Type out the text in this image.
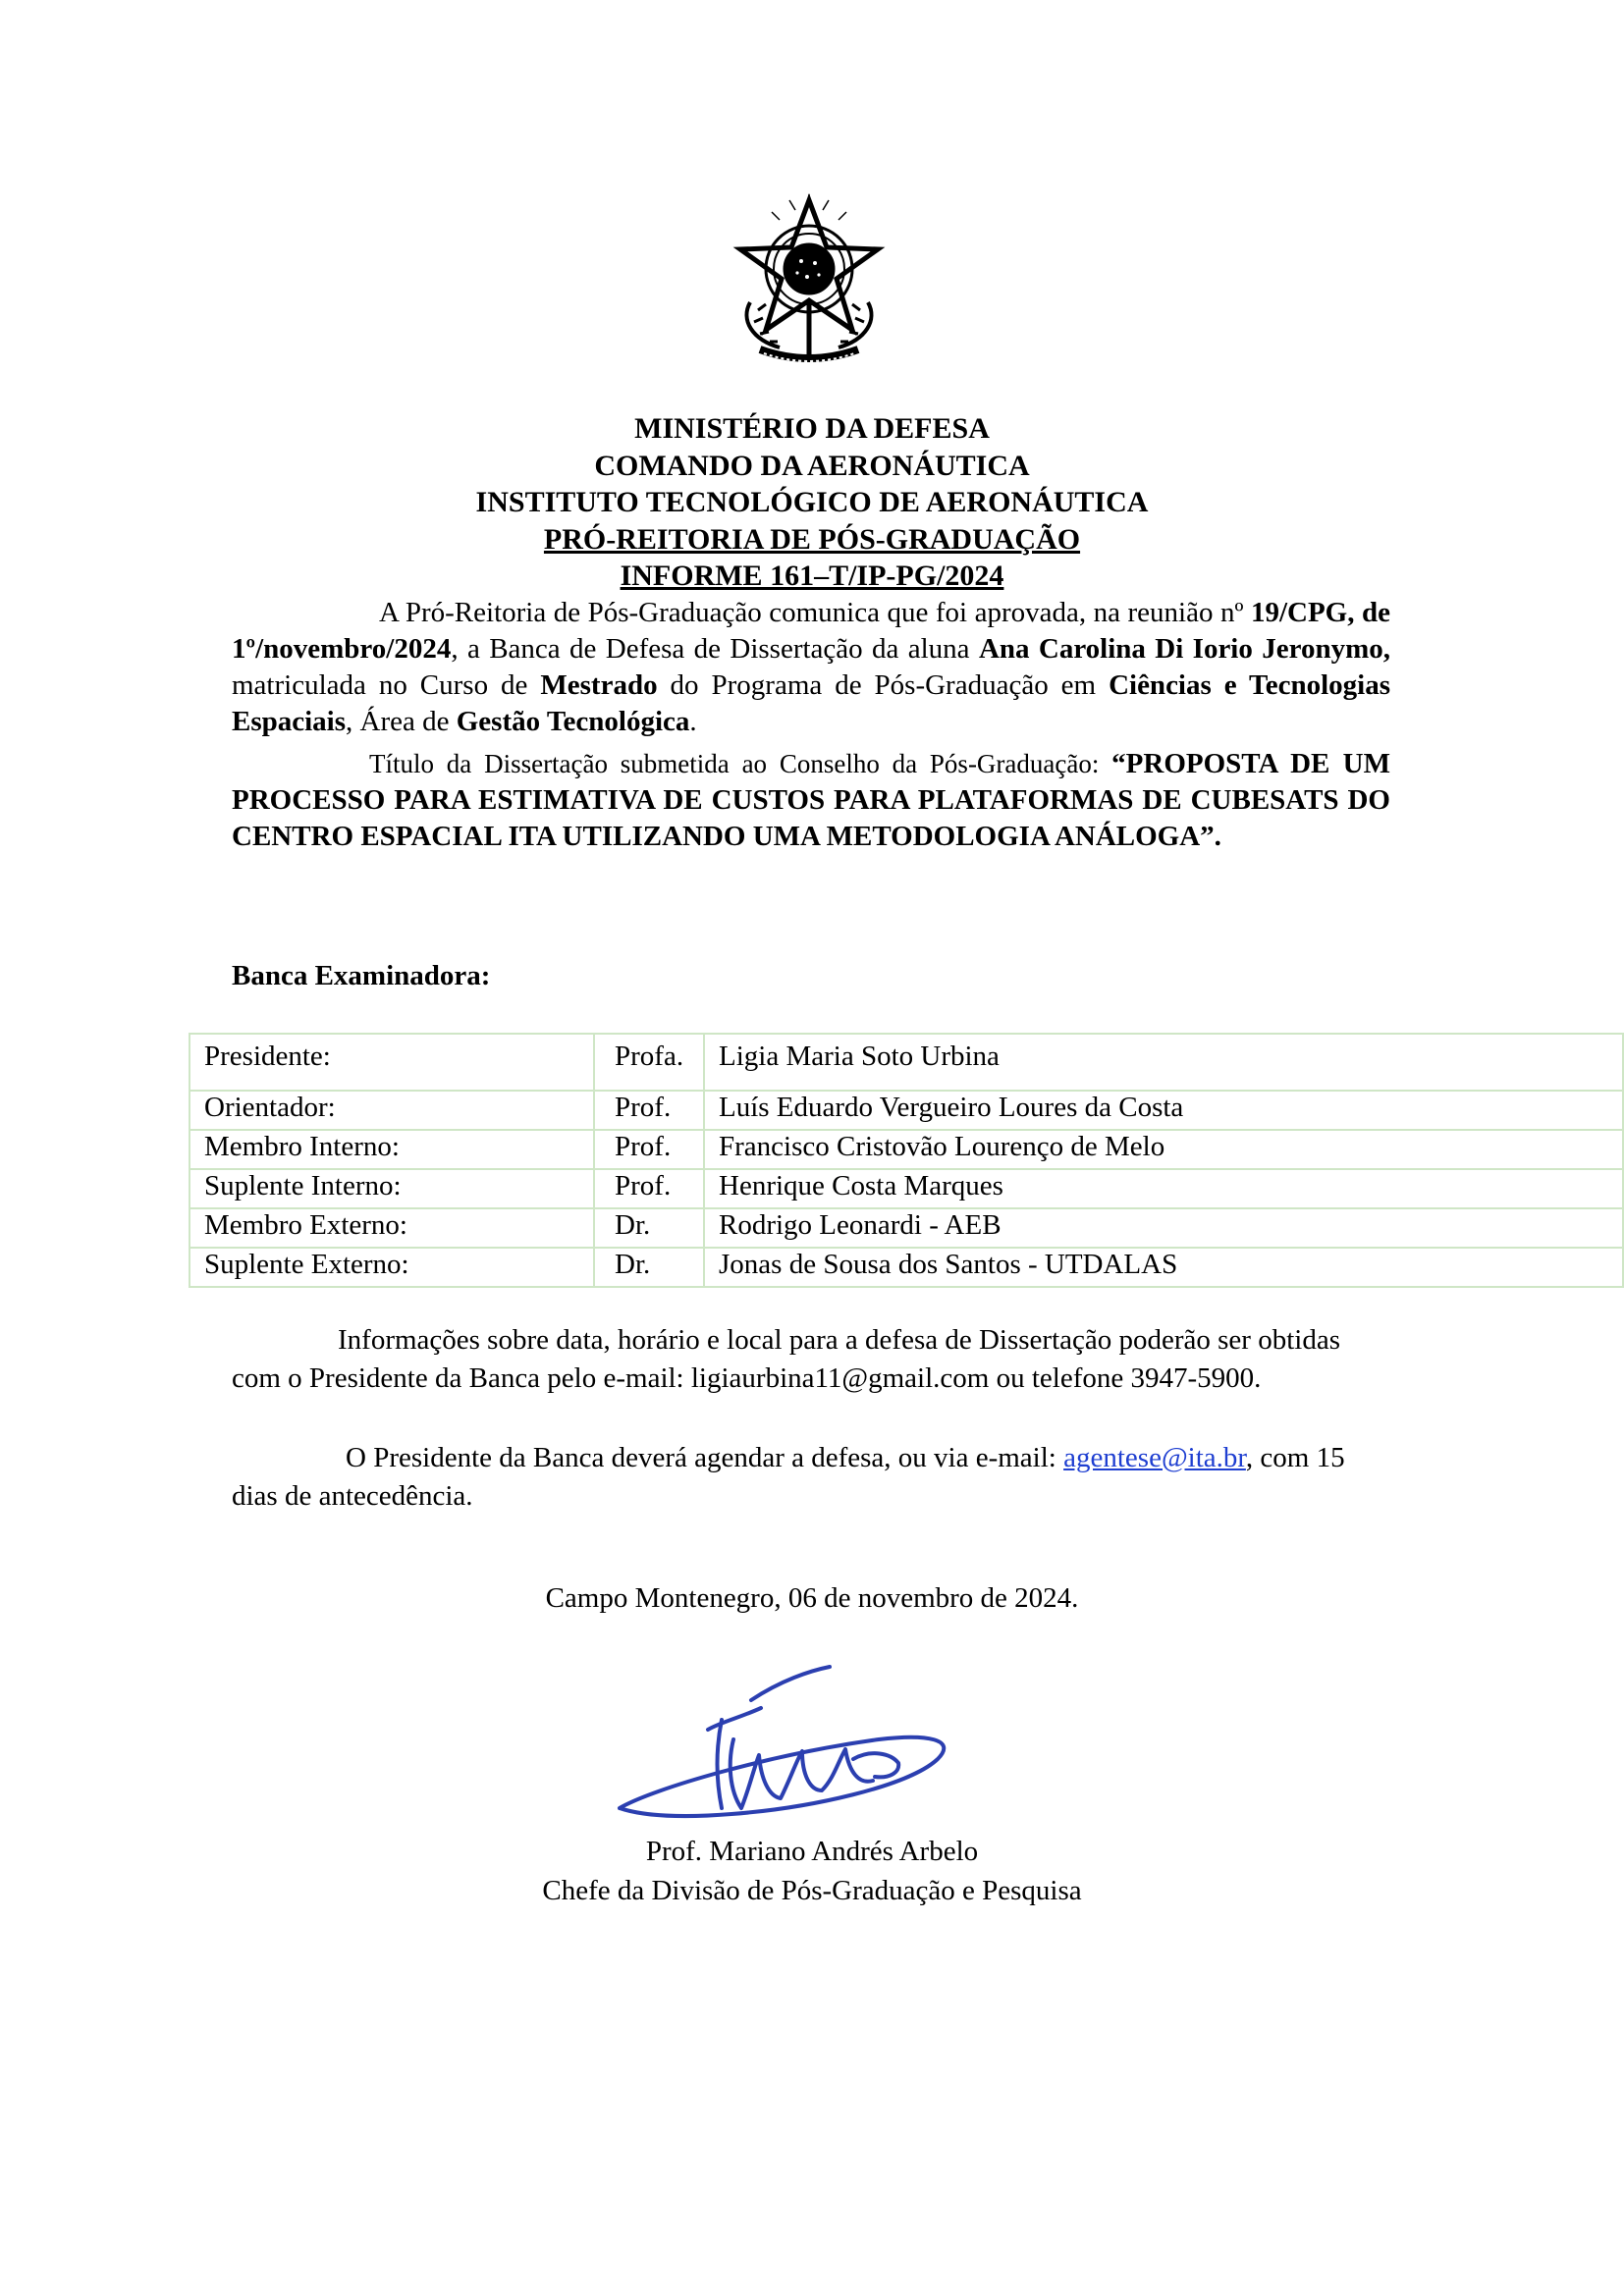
MINISTÉRIO DA DEFESA
COMANDO DA AERONÁUTICA
INSTITUTO TECNOLÓGICO DE AERONÁUTICA
PRÓ-REITORIA DE PÓS-GRADUAÇÃO
INFORME 161–T/IP-PG/2024
A Pró-Reitoria de Pós-Graduação comunica que foi aprovada, na reunião nº 19/CPG, de 1º/novembro/2024, a Banca de Defesa de Dissertação da aluna Ana Carolina Di Iorio Jeronymo, matriculada no Curso de Mestrado do Programa de Pós-Graduação em Ciências e Tecnologias Espaciais, Área de Gestão Tecnológica.
Título da Dissertação submetida ao Conselho da Pós-Graduação: “PROPOSTA DE UM PROCESSO PARA ESTIMATIVA DE CUSTOS PARA PLATAFORMAS DE CUBESATS DO CENTRO ESPACIAL ITA UTILIZANDO UMA METODOLOGIA ANÁLOGA”.
Banca Examinadora:
Presidente:	Profa.	Ligia Maria Soto Urbina
Orientador:	Prof.	Luís Eduardo Vergueiro Loures da Costa
Membro Interno:	Prof.	Francisco Cristovão Lourenço de Melo
Suplente Interno:	Prof.	Henrique Costa Marques
Membro Externo:	Dr.	Rodrigo Leonardi - AEB
Suplente Externo:	Dr.	Jonas de Sousa dos Santos - UTDALAS
Informações sobre data, horário e local para a defesa de Dissertação poderão ser obtidas com o Presidente da Banca pelo e-mail: ligiaurbina11@gmail.com ou telefone 3947-5900.
O Presidente da Banca deverá agendar a defesa, ou via e-mail: agentese@ita.br, com 15 dias de antecedência.
Campo Montenegro, 06 de novembro de 2024.
Prof. Mariano Andrés Arbelo
Chefe da Divisão de Pós-Graduação e Pesquisa
